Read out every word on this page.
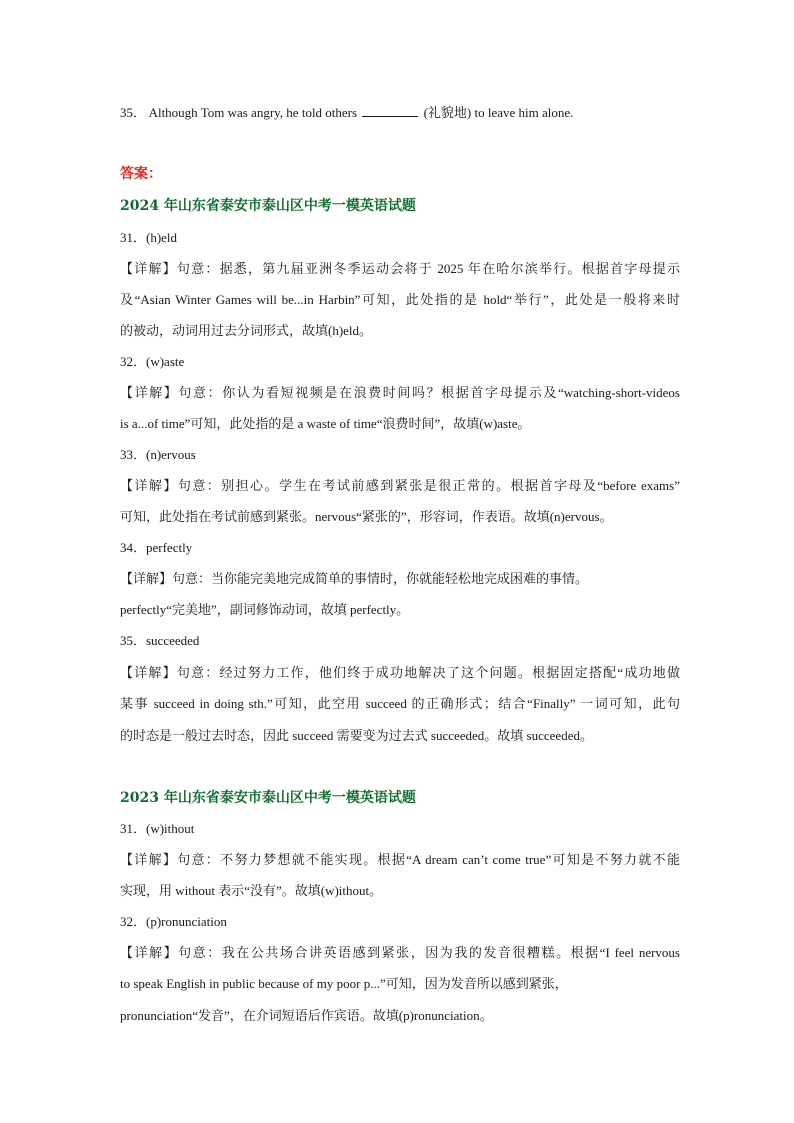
35． Although Tom was angry, he told others	(礼貌地) to leave him alone.
答案：
2024 年山东省泰安市泰山区中考一模英语试题
31．(h)eld
【详解】句意：据悉，第九届亚洲冬季运动会将于 2025 年在哈尔滨举行。根据首字母提示
及“Asian Winter Games will be...in Harbin”可知，此处指的是 hold“举行”，此处是一般将来时
的被动，动词用过去分词形式，故填(h)eld。
32．(w)aste
【详解】句意：你认为看短视频是在浪费时间吗？根据首字母提示及“watching-short-videos
is a...of time”可知，此处指的是 a waste of time“浪费时间”，故填(w)aste。
33．(n)ervous
【详解】句意：别担心。学生在考试前感到紧张是很正常的。根据首字母及“before exams”
可知，此处指在考试前感到紧张。nervous“紧张的”，形容词，作表语。故填(n)ervous。
34．perfectly
【详解】句意：当你能完美地完成简单的事情时，你就能轻松地完成困难的事情。
perfectly“完美地”，副词修饰动词，故填 perfectly。
35．succeeded
【详解】句意：经过努力工作，他们终于成功地解决了这个问题。根据固定搭配“成功地做
某事 succeed in doing sth.”可知，此空用 succeed 的正确形式；结合“Finally” 一词可知，此句
的时态是一般过去时态，因此 succeed 需要变为过去式 succeeded。故填 succeeded。
2023 年山东省泰安市泰山区中考一模英语试题
31．(w)ithout
【详解】句意：不努力梦想就不能实现。根据“A dream can’t come true”可知是不努力就不能
实现，用 without 表示“没有”。故填(w)ithout。
32．(p)ronunciation
【详解】句意：我在公共场合讲英语感到紧张，因为我的发音很糟糕。根据“I feel nervous
to speak English in public because of my poor p...”可知，因为发音所以感到紧张，
pronunciation“发音”，在介词短语后作宾语。故填(p)ronunciation。
